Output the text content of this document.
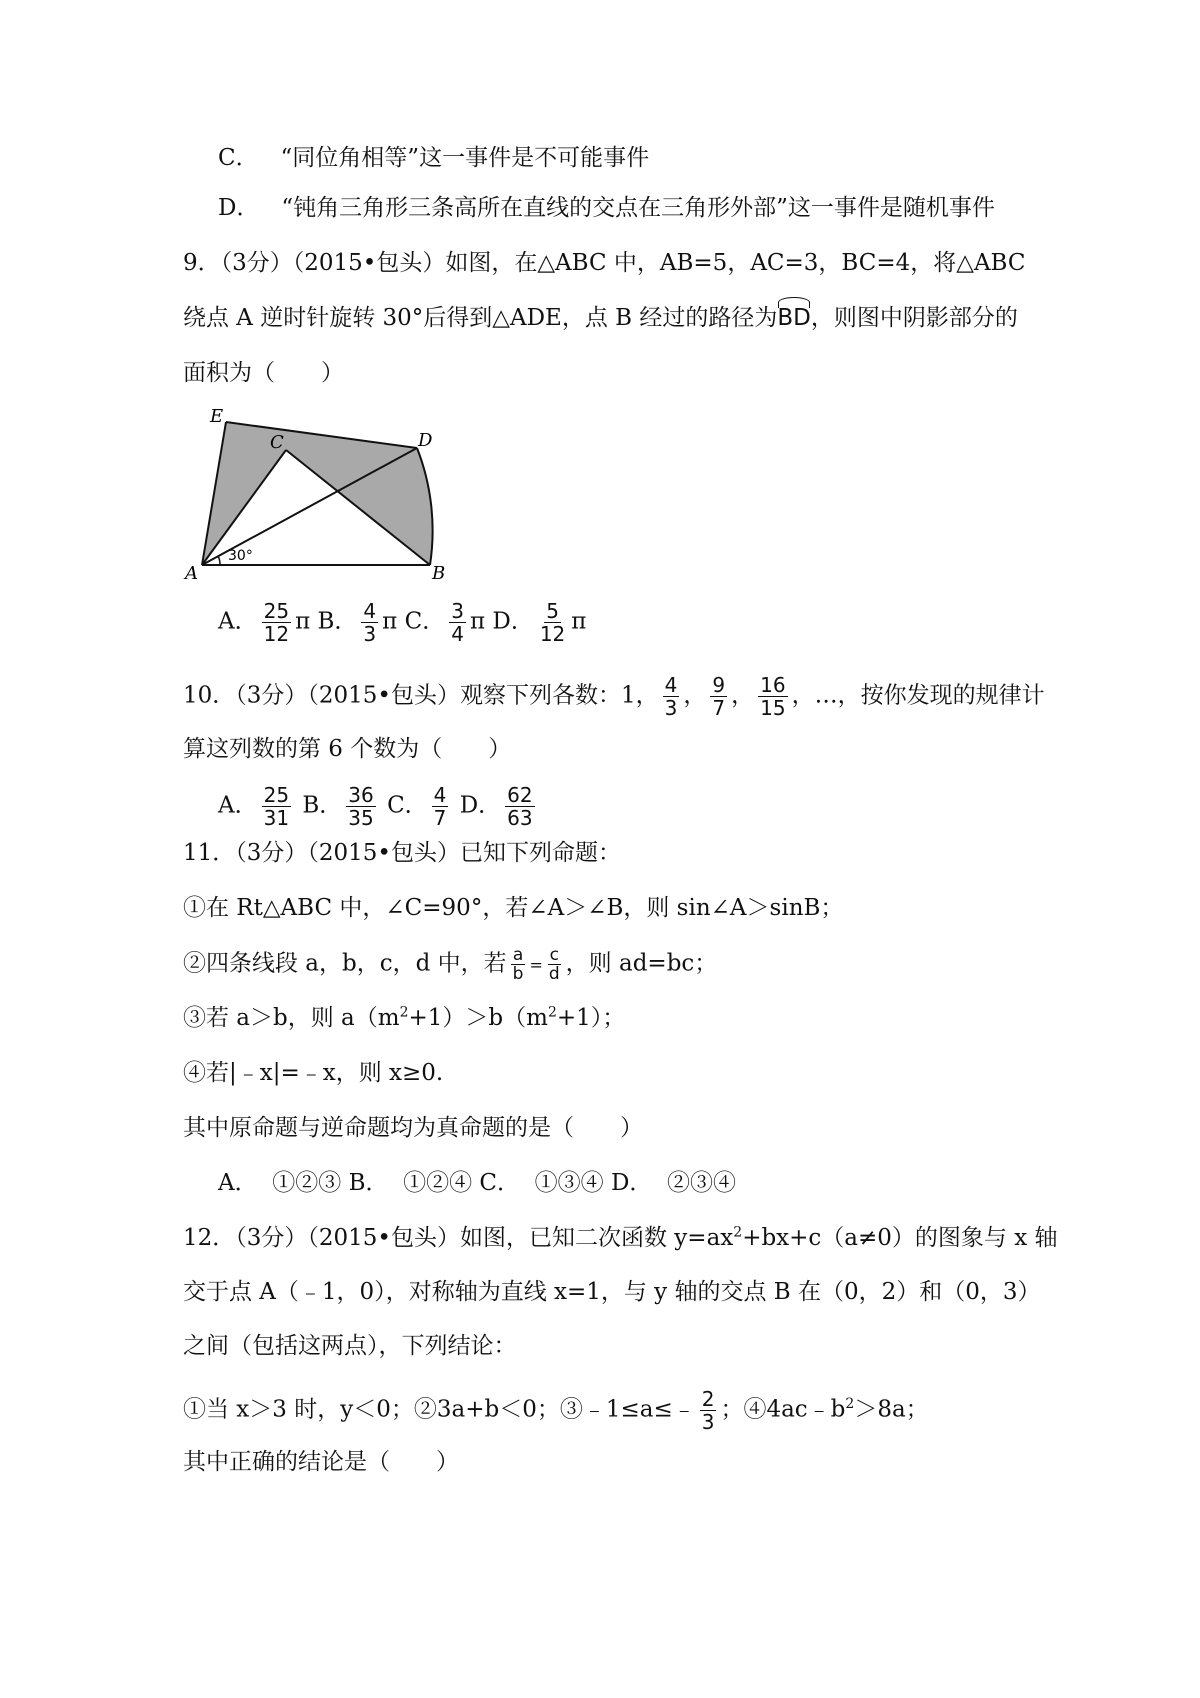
C． “同位角相等”这一事件是不可能事件
D． “钝角三角形三条高所在直线的交点在三角形外部”这一事件是随机事件
9．（3分）（2015•包头）如图，在△ABC 中，AB=5，AC=3，BC=4，将△ABC
绕点 A 逆时针旋转 30°后得到△ADE，点 B 经过的路径为BD，则图中阴影部分的
面积为（　　）
E
C	D
A	B
30°
A． $\frac{25}{12}$ π B． $\frac{4}{3}$ π C． $\frac{3}{4}$ π D． $\frac{5}{12}$ π
10．（3分）（2015•包头）观察下列各数：1， $\frac{4}{3}$ ， $\frac{9}{7}$ ， $\frac{16}{15}$ ，…，按你发现的规律计
算这列数的第 6 个数为（　　）
A． $\frac{25}{31}$ B． $\frac{36}{35}$ C． $\frac{4}{7}$ D． $\frac{62}{63}$
11．（3分）（2015•包头）已知下列命题：
①在 Rt△ABC 中，∠C=90°，若∠A＞∠B，则 sin∠A＞sinB；
②四条线段 a，b，c，d 中，若 $\frac{a}{b} = \frac{c}{d}$ ，则 ad=bc；
③若 a＞b，则 $a(m^2+1)>b(m^2+1)$；
④若|﹣x|=﹣x，则 x≥0.
其中原命题与逆命题均为真命题的是（　　）
A． ①②③ B． ①②④ C． ①③④ D． ②③④
12．（3分）（2015•包头）如图，已知二次函数 $y=ax^2+bx+c(a\ne 0)$的图象与 x 轴
交于点 A（﹣1，0），对称轴为直线 x=1，与 y 轴的交点 B 在（0，2）和（0，3）
之间（包括这两点），下列结论：
①当 x＞3 时，y＜0；②3a+b＜0；③﹣1≤a≤﹣ $\frac{2}{3}$ ；$④4ac﹣b^2>8a$；
其中正确的结论是（　　）
